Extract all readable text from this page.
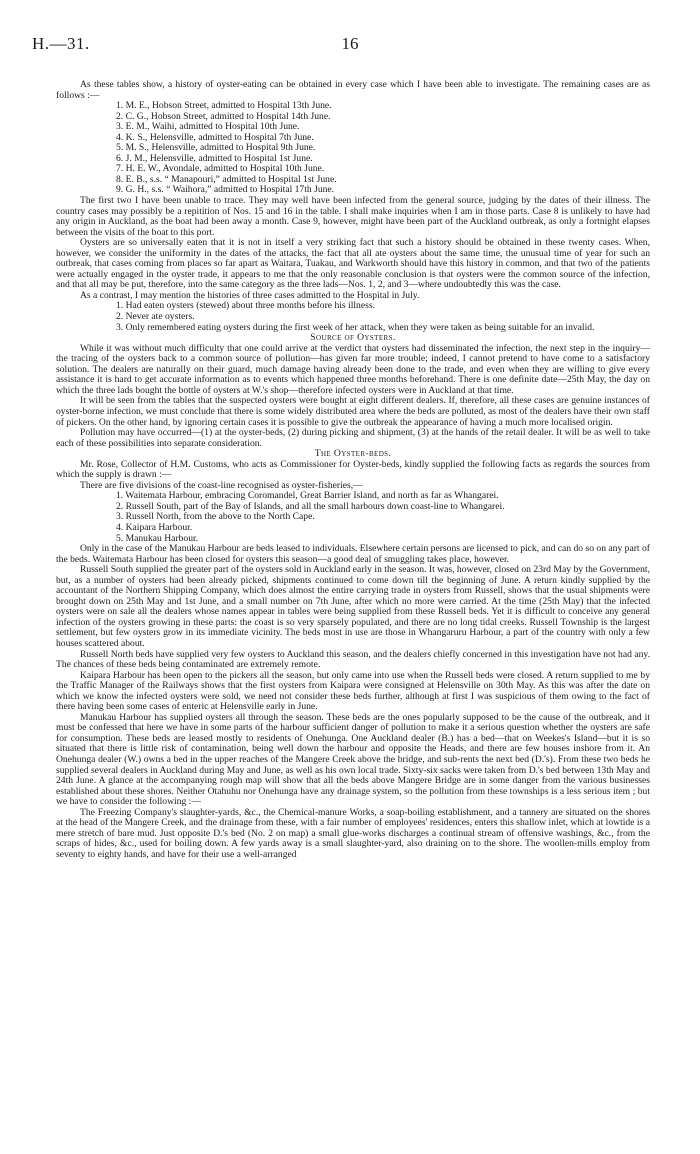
H.—31.	16

As these tables show, a history of oyster-eating can be obtained in every case which I have been able to investigate. The remaining cases are as follows :—

1. M. E., Hobson Street, admitted to Hospital 13th June.
2. C. G., Hobson Street, admitted to Hospital 14th June.
3. E. M., Waihi, admitted to Hospital 10th June.
4. K. S., Helensville, admitted to Hospital 7th June.
5. M. S., Helensville, admitted to Hospital 9th June.
6. J. M., Helensville, admitted to Hospital 1st June.
7. H. E. W., Avondale, admitted to Hospital 10th June.
8. E. B., s.s. “ Manapouri,” admitted to Hospital 1st June.
9. G. H., s.s. “ Waihora,” admitted to Hospital 17th June.

The first two I have been unable to trace. They may well have been infected from the general source, judging by the dates of their illness. The country cases may possibly be a repitition of Nos. 15 and 16 in the table. I shall make inquiries when I am in those parts. Case 8 is unlikely to have had any origin in Auckland, as the boat had been away a month. Case 9, however, might have been part of the Auckland outbreak, as only a fortnight elapses between the visits of the boat to this port.

Oysters are so universally eaten that it is not in itself a very striking fact that such a history should be obtained in these twenty cases. When, however, we consider the uniformity in the dates of the attacks, the fact that all ate oysters about the same time, the unusual time of year for such an outbreak, that cases coming from places so far apart as Waitara, Tuakau, and Warkworth should have this history in common, and that two of the patients were actually engaged in the oyster trade, it appears to me that the only reasonable conclusion is that oysters were the common source of the infection, and that all may be put, therefore, into the same category as the three lads—Nos. 1, 2, and 3—where undoubtedly this was the case.

As a contrast, I may mention the histories of three cases admitted to the Hospital in July.

1. Had eaten oysters (stewed) about three months before his illness.
2. Never ate oysters.
3. Only remembered eating oysters during the first week of her attack, when they were taken as being suitable for an invalid.

Source of Oysters.

While it was without much difficulty that one could arrive at the verdict that oysters had disseminated the infection, the next step in the inquiry—the tracing of the oysters back to a common source of pollution—has given far more trouble; indeed, I cannot pretend to have come to a satisfactory solution. The dealers are naturally on their guard, much damage having already been done to the trade, and even when they are willing to give every assistance it is hard to get accurate information as to events which happened three months beforehand. There is one definite date—25th May, the day on which the three lads bought the bottle of oysters at W.'s shop—therefore infected oysters were in Auckland at that time.

It will be seen from the tables that the suspected oysters were bought at eight different dealers. If, therefore, all these cases are genuine instances of oyster-borne infection, we must conclude that there is some widely distributed area where the beds are polluted, as most of the dealers have their own staff of pickers. On the other hand, by ignoring certain cases it is possible to give the outbreak the appearance of having a much more localised origin.

Pollution may have occurred—(1) at the oyster-beds, (2) during picking and shipment, (3) at the hands of the retail dealer. It will be as well to take each of these possibilities into separate consideration.

The Oyster-beds.

Mr. Rose, Collector of H.M. Customs, who acts as Commissioner for Oyster-beds, kindly supplied the following facts as regards the sources from which the supply is drawn :—

There are five divisions of the coast-line recognised as oyster-fisheries,—

1. Waitemata Harbour, embracing Coromandel, Great Barrier Island, and north as far as Whangarei.
2. Russell South, part of the Bay of Islands, and all the small harbours down coast-line to Whangarei.
3. Russell North, from the above to the North Cape.
4. Kaipara Harbour.
5. Manukau Harbour.

Only in the case of the Manukau Harbour are beds leased to individuals. Elsewhere certain persons are licensed to pick, and can do so on any part of the beds. Waitemata Harbour has been closed for oysters this season—a good deal of smuggling takes place, however.

Russell South supplied the greater part of the oysters sold in Auckland early in the season. It was, however, closed on 23rd May by the Government, but, as a number of oysters had been already picked, shipments continued to come down till the beginning of June. A return kindly supplied by the accountant of the Northern Shipping Company, which does almost the entire carrying trade in oysters from Russell, shows that the usual shipments were brought down on 25th May and 1st June, and a small number on 7th June, after which no more were carried. At the time (25th May) that the infected oysters were on sale all the dealers whose names appear in tables were being supplied from these Russell beds. Yet it is difficult to conceive any general infection of the oysters growing in these parts: the coast is so very sparsely populated, and there are no long tidal creeks. Russell Township is the largest settlement, but few oysters grow in its immediate vicinity. The beds most in use are those in Whangaruru Harbour, a part of the country with only a few houses scattered about.

Russell North beds have supplied very few oysters to Auckland this season, and the dealers chiefly concerned in this investigation have not had any. The chances of these beds being contaminated are extremely remote.

Kaipara Harbour has been open to the pickers all the season, but only came into use when the Russell beds were closed. A return supplied to me by the Traffic Manager of the Railways shows that the first oysters from Kaipara were consigned at Helensville on 30th May. As this was after the date on which we know the infected oysters were sold, we need not consider these beds further, although at first I was suspicious of them owing to the fact of there having been some cases of enteric at Helensville early in June.

Manukau Harbour has supplied oysters all through the season. These beds are the ones popularly supposed to be the cause of the outbreak, and it must be confessed that here we have in some parts of the harbour sufficient danger of pollution to make it a serious question whether the oysters are safe for consumption. These beds are leased mostly to residents of Onehunga. One Auckland dealer (B.) has a bed—that on Weekes's Island—but it is so situated that there is little risk of contamination, being well down the harbour and opposite the Heads, and there are few houses inshore from it. An Onehunga dealer (W.) owns a bed in the upper reaches of the Mangere Creek above the bridge, and sub-rents the next bed (D.'s). From these two beds he supplied several dealers in Auckland during May and June, as well as his own local trade. Sixty-six sacks were taken from D.'s bed between 13th May and 24th June. A glance at the accompanying rough map will show that all the beds above Mangere Bridge are in some danger from the various businesses established about these shores. Neither Otahuhu nor Onehunga have any drainage system, so the pollution from these townships is a less serious item ; but we have to consider the following :—

The Freezing Company's slaughter-yards, &c., the Chemical-manure Works, a soap-boiling establishment, and a tannery are situated on the shores at the head of the Mangere Creek, and the drainage from these, with a fair number of employees' residences, enters this shallow inlet, which at lowtide is a mere stretch of bare mud. Just opposite D.'s bed (No. 2 on map) a small glue-works discharges a continual stream of offensive washings, &c., from the scraps of hides, &c., used for boiling down. A few yards away is a small slaughter-yard, also draining on to the shore. The woollen-mills employ from seventy to eighty hands, and have for their use a well-arranged
